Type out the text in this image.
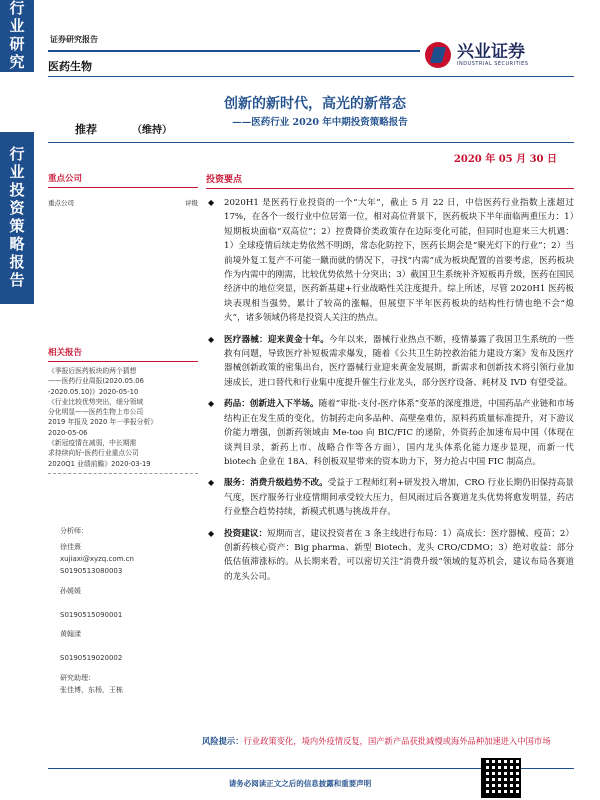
行业研究
行业投资策略报告
证券研究报告
医药生物
兴业证券
INDUSTRIAL SECURITIES
创新的新时代，高光的新常态
——医药行业 2020 年中期投资策略报告
推荐	（维持）
2020 年 05 月 30 日
重点公司
重点公司	评级
相关报告
《季报后医药板块的两个猜想
——医药行业周报(2020.05.06
-2020.05.10)》2020-05-10
《行业比较优势突出，细分领域
分化明显——医药生物上市公司
2019 年报及 2020 年一季报分析》
2020-05-06
《新冠疫情在减弱，中长期需
求持续向好-医药行业重点公司
2020Q1 业绩前瞻》2020-03-19
分析师：
徐佳熹
xujiaxi@xyzq.com.cn
S0190513080003
孙媛媛
S0190515090001
黄翰漾
S0190519020002
研究助理：
张佳博，东杨，王栋
投资要点
◆ 2020H1 是医药行业投资的一个“大年”，截止 5 月 22 日，中信医药行业指数上涨超过 17%，在各个一级行业中位居第一位，相对高位背景下，医药板块下半年面临两重压力：1）短期板块面临“双高位”；2）控费降价类政策存在边际变化可能，但同时也迎来三大机遇：1）全球疫情后续走势依然不明朗，常态化防控下，医药长期会是“聚光灯下的行业”；2）当前境外复工复产不可能一蹴而就的情况下，寻找“内需”成为板块配置的首要考虑，医药板块作为内需中的刚需，比较优势依然十分突出；3）截国卫生系统补齐短板再升级，医药在国民经济中的地位突显，医药新基建+行业战略性关注度提升。综上所述，尽管 2020H1 医药板块表现相当强势，累计了较高的涨幅，但展望下半年医药板块的结构性行情也绝不会“熄火”，诸多领域仍将是投资人关注的热点。
◆ 医疗器械：迎来黄金十年。今年以来，器械行业热点不断，疫情暴露了我国卫生系统的一些救有问题，导致医疗补短板需求爆发，随着《公共卫生防控救治能力建设方案》发布及医疗器械创新政策的密集出台，医疗器械行业迎来黄金发展期，新需求和创新技术将引领行业加速成长，进口替代和行业集中度提升催生行业龙头，部分医疗设备、耗材及 IVD 有望受益。
◆ 药品：创新进入下半场。随着“审批-支付-医疗体系”变革的深度推进，中国药品产业链和市场结构正在发生质的变化，仿制药走向多品种、高壁垒难仿，原料药质量标准提升，对下游议价能力增强，创新药领域由 Me-too 向 BIC/FIC 的递阶，外资药企加速布局中国（体现在谈判目录，新药上市、战略合作等各方面），国内龙头体系化能力逐步显现，而新一代 biotech 企业在 18A、科创板双星带来的资本助力下，努力抢占中国 FIC 制高点。
◆ 服务：消费升级趋势不改。受益于工程师红利+研发投入增加，CRO 行业长期仍旧保持高景气度，医疗服务行业疫情期间承受较大压力，但风雨过后各赛道龙头优势将愈发明显，药店行业整合趋势持续，新模式机遇与挑战并存。
◆ 投资建议：短期而言，建议投资者在 3 条主线进行布局：1）高成长：医疗器械、疫苗；2）创新药核心资产：Big pharma、新型 Biotech、龙头 CRO/CDMO；3）绝对收益：部分低估值滞涨标的。从长期来看，可以密切关注“消费升级”领域的复苏机会，建议布局各赛道的龙头公司。
风险提示：行业政策变化，境内外疫情反复，国产新产品获批减慢或海外品种加速进入中国市场
请务必阅读正文之后的信息披露和重要声明
